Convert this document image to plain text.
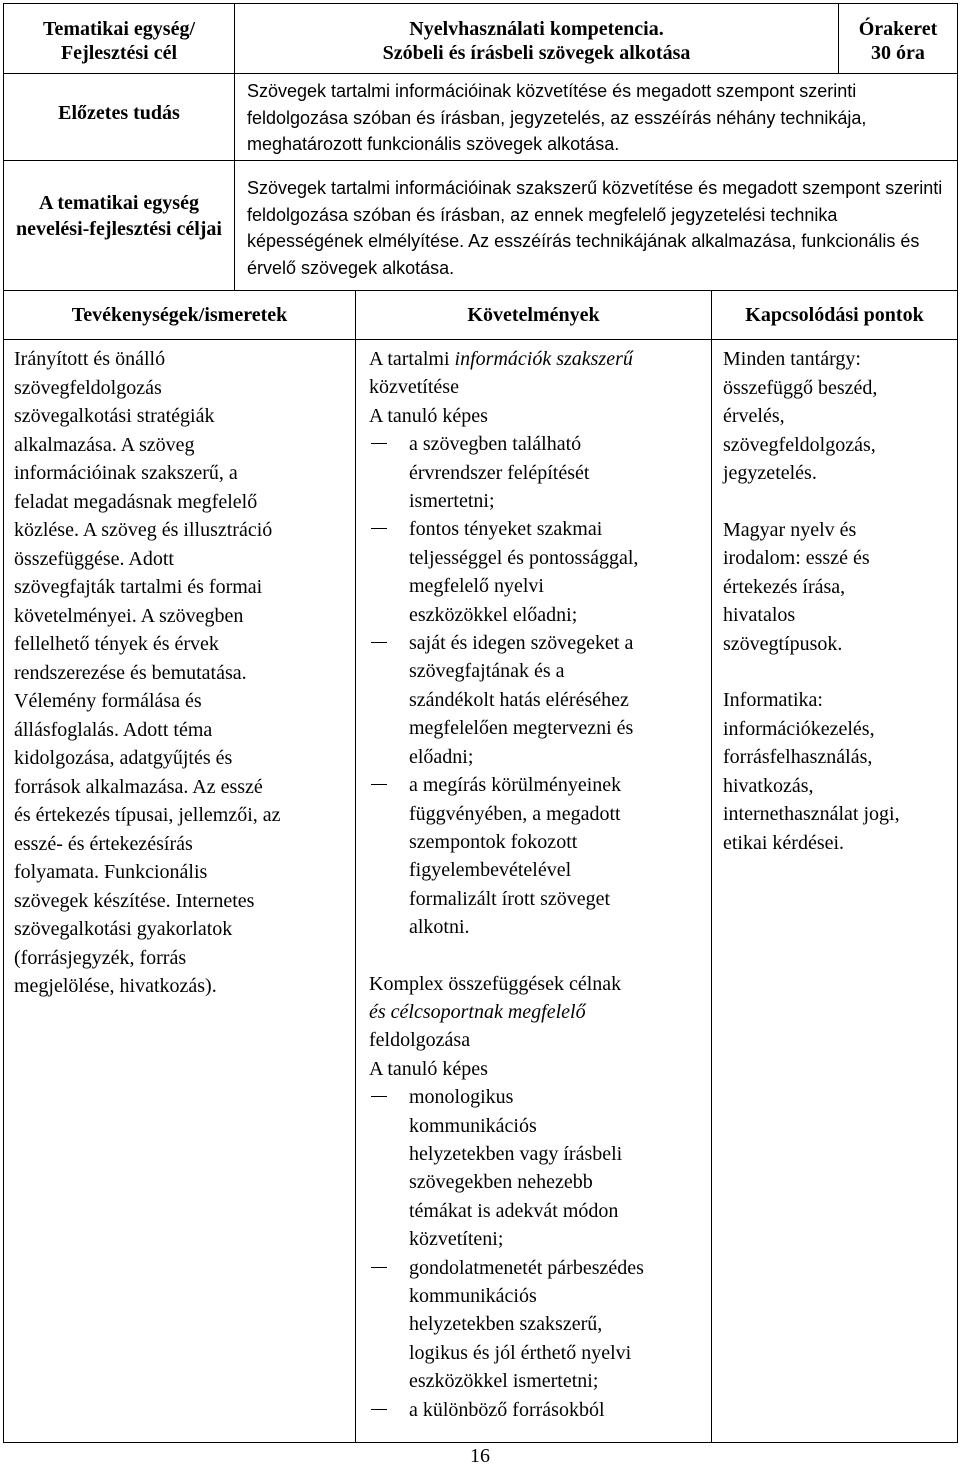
Tematikai egység/
Fejlesztési cél
Nyelvhasználati kompetencia.
Szóbeli és írásbeli szövegek alkotása
Órakeret
30 óra
Előzetes tudás
Szövegek tartalmi információinak közvetítése és megadott szempont szerinti feldolgozása szóban és írásban, jegyzetelés, az esszéírás néhány technikája, meghatározott funkcionális szövegek alkotása.
A tematikai egység nevelési-fejlesztési céljai
Szövegek tartalmi információinak szakszerű közvetítése és megadott szempont szerinti feldolgozása szóban és írásban, az ennek megfelelő jegyzetelési technika képességének elmélyítése. Az esszéírás technikájának alkalmazása, funkcionális és érvelő szövegek alkotása.
Tevékenységek/ismeretek	Követelmények	Kapcsolódási pontok
Irányított és önálló
szövegfeldolgozás
szövegalkotási stratégiák
alkalmazása. A szöveg
információinak szakszerű, a
feladat megadásnak megfelelő
közlése. A szöveg és illusztráció
összefüggése. Adott
szövegfajták tartalmi és formai
követelményei. A szövegben
fellelhető tények és érvek
rendszerezése és bemutatása.
Vélemény formálása és
állásfoglalás. Adott téma
kidolgozása, adatgyűjtés és
források alkalmazása. Az esszé
és értekezés típusai, jellemzői, az
esszé- és értekezésírás
folyamata. Funkcionális
szövegek készítése. Internetes
szövegalkotási gyakorlatok
(forrásjegyzék, forrás
megjelölése, hivatkozás).
A tartalmi információk szakszerű
közvetítése
A tanuló képes
a szövegben található
érvrendszer felépítését
ismertetni;
fontos tényeket szakmai
teljességgel és pontossággal,
megfelelő nyelvi
eszközökkel előadni;
saját és idegen szövegeket a
szövegfajtának és a
szándékolt hatás eléréséhez
megfelelően megtervezni és
előadni;
a megírás körülményeinek
függvényében, a megadott
szempontok fokozott
figyelembevételével
formalizált írott szöveget
alkotni.
Komplex összefüggések célnak
és célcsoportnak megfelelő
feldolgozása
A tanuló képes
monologikus
kommunikációs
helyzetekben vagy írásbeli
szövegekben nehezebb
témákat is adekvát módon
közvetíteni;
gondolatmenetét párbeszédes
kommunikációs
helyzetekben szakszerű,
logikus és jól érthető nyelvi
eszközökkel ismertetni;
a különböző forrásokból
Minden tantárgy:
összefüggő beszéd,
érvelés,
szövegfeldolgozás,
jegyzetelés.
Magyar nyelv és
irodalom: esszé és
értekezés írása,
hivatalos
szövegtípusok.
Informatika:
információkezelés,
forrásfelhasználás,
hivatkozás,
internethasználat jogi,
etikai kérdései.
16
